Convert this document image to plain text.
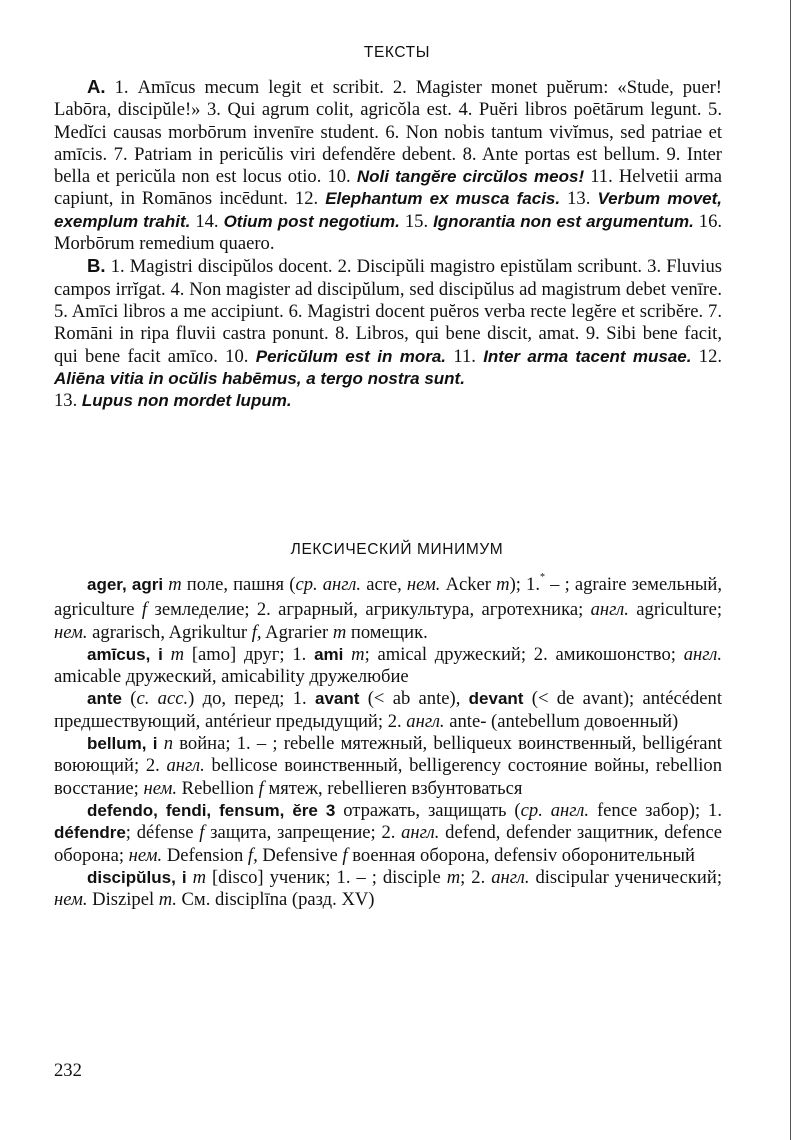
ТЕКСТЫ

А. 1. Amīcus mecum legit et scribit. 2. Magister monet puĕrum: «Stude, puer! Labōra, discipŭle!» 3. Qui agrum colit, agricŏla est. 4. Puĕri libros poētārum legunt. 5. Medĭci causas morbōrum invenīre student. 6. Non nobis tantum vivĭmus, sed patriae et amīcis. 7. Patriam in pericŭlis viri defendĕre debent. 8. Ante portas est bellum. 9. Inter bella et pericŭla non est locus otio. 10. Noli tangĕre circŭlos meos! 11. Helvetii arma capiunt, in Romānos incēdunt. 12. Elephantum ex musca facis. 13. Verbum movet, exemplum trahit. 14. Otium post negotium. 15. Ignorantia non est argumentum. 16. Morbōrum remedium quaero.

В. 1. Magistri discipŭlos docent. 2. Discipŭli magistro epistŭlam scribunt. 3. Fluvius campos irrĭgat. 4. Non magister ad discipŭlum, sed discipŭlus ad magistrum debet venīre. 5. Amīci libros a me accipiunt. 6. Magistri docent puĕros verba recte legĕre et scribĕre. 7. Romāni in ripa fluvii castra ponunt. 8. Libros, qui bene discit, amat. 9. Sibi bene facit, qui bene facit amīco. 10. Pericŭlum est in mora. 11. Inter arma tacent musae. 12. Aliēna vitia in ocŭlis habēmus, a tergo nostra sunt.
13. Lupus non mordet lupum.

ЛЕКСИЧЕСКИЙ МИНИМУМ

ager, agri m поле, пашня (ср. англ. acre, нем. Acker m); 1.* – ; agraire земельный, agriculture f земледелие; 2. аграрный, агрикультура, агротехника; англ. agriculture; нем. agrarisch, Agrikultur f, Agrarier m помещик.

amīcus, i m [amo] друг; 1. ami m; amical дружеский; 2. амикошонство; англ. amicable дружеский, amicability дружелюбие

ante (с. acc.) до, перед; 1. avant (< ab ante), devant (< de avant); antécédent предшествующий, antérieur предыдущий; 2. англ. ante- (antebellum довоенный)

bellum, i n война; 1. – ; rebelle мятежный, belliqueux воинственный, belligérant воюющий; 2. англ. bellicose воинственный, belligerency состояние войны, rebellion восстание; нем. Rebellion f мятеж, rebellieren взбунтоваться

defendo, fendi, fensum, ĕre 3 отражать, защищать (ср. англ. fence забор); 1. défendre; défense f защита, запрещение; 2. англ. defend, defender защитник, defence оборона; нем. Defension f, Defensive f военная оборона, defensiv оборонительный

discipŭlus, i m [disco] ученик; 1. – ; disciple m; 2. англ. discipular ученический; нем. Diszipel m. См. disciplīna (разд. XV)

232
